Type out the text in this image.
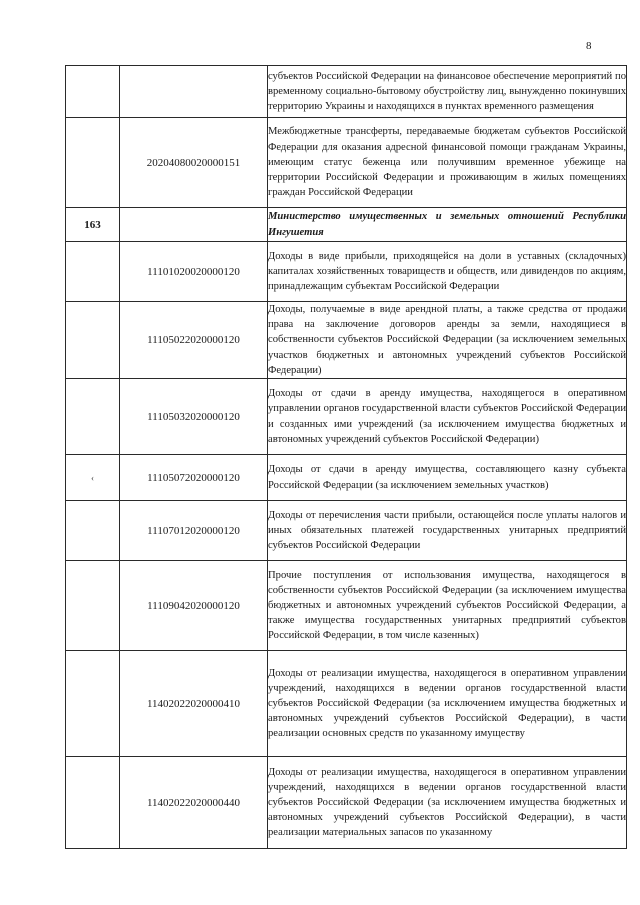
8
		субъектов Российской Федерации на финансовое обеспечение мероприятий по временному социально-бытовому обустройству лиц, вынужденно покинувших территорию Украины и находящихся в пунктах временного размещения
	20204080020000151	Межбюджетные трансферты, передаваемые бюджетам субъектов Российской Федерации для оказания адресной финансовой помощи гражданам Украины, имеющим статус беженца или получившим временное убежище на территории Российской Федерации и проживающим в жилых помещениях граждан Российской Федерации
163		Министерство имущественных и земельных отношений Республики Ингушетия
	11101020020000120	Доходы в виде прибыли, приходящейся на доли в уставных (складочных) капиталах хозяйственных товариществ и обществ, или дивидендов по акциям, принадлежащим субъектам Российской Федерации
	11105022020000120	Доходы, получаемые в виде арендной платы, а также средства от продажи права на заключение договоров аренды за земли, находящиеся в собственности субъектов Российской Федерации (за исключением земельных участков бюджетных и автономных учреждений субъектов Российской Федерации)
	11105032020000120	Доходы от сдачи в аренду имущества, находящегося в оперативном управлении органов государственной власти субъектов Российской Федерации и созданных ими учреждений (за исключением имущества бюджетных и автономных учреждений субъектов Российской Федерации)
‹	11105072020000120	Доходы от сдачи в аренду имущества, составляющего казну субъекта Российской Федерации (за исключением земельных участков)
	11107012020000120	Доходы от перечисления части прибыли, остающейся после уплаты налогов и иных обязательных платежей государственных унитарных предприятий субъектов Российской Федерации
	11109042020000120	Прочие поступления от использования имущества, находящегося в собственности субъектов Российской Федерации (за исключением имущества бюджетных и автономных учреждений субъектов Российской Федерации, а также имущества государственных унитарных предприятий субъектов Российской Федерации, в том числе казенных)
	11402022020000410	Доходы от реализации имущества, находящегося в оперативном управлении учреждений, находящихся в ведении органов государственной власти субъектов Российской Федерации (за исключением имущества бюджетных и автономных учреждений субъектов Российской Федерации), в части реализации основных средств по указанному имуществу
	11402022020000440	Доходы от реализации имущества, находящегося в оперативном управлении учреждений, находящихся в ведении органов государственной власти субъектов Российской Федерации (за исключением имущества бюджетных и автономных учреждений субъектов Российской Федерации), в части реализации материальных запасов по указанному
